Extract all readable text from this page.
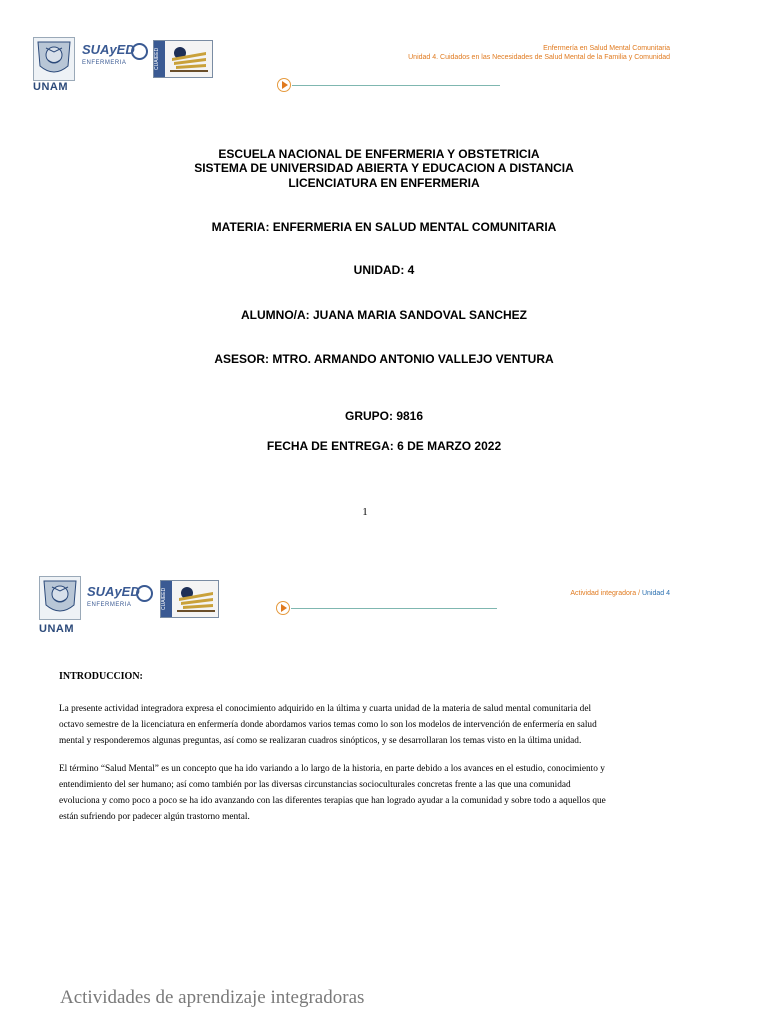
UNAM
SUAyED
ENFERMERIA	CUAIEED	Enfermería en Salud Mental Comunitaria
Unidad 4. Cuidados en las Necesidades de Salud Mental de la Familia y Comunidad
ESCUELA NACIONAL DE ENFERMERIA Y OBSTETRICIA
SISTEMA DE UNIVERSIDAD ABIERTA Y EDUCACION A DISTANCIA
LICENCIATURA EN ENFERMERIA
MATERIA: ENFERMERIA EN SALUD MENTAL COMUNITARIA
UNIDAD: 4
ALUMNO/A: JUANA MARIA SANDOVAL SANCHEZ
ASESOR: MTRO. ARMANDO ANTONIO VALLEJO VENTURA
GRUPO: 9816
FECHA DE ENTREGA: 6 DE MARZO 2022
1
UNAM
SUAyED
ENFERMERIA	CUAIEED	Actividad integradora / Unidad 4
INTRODUCCION:
La presente actividad integradora expresa el conocimiento adquirido en la última y cuarta unidad de la materia de salud mental comunitaria del
octavo semestre de la licenciatura en enfermería donde abordamos varios temas como lo son los modelos de intervención de enfermería en salud
mental y responderemos algunas preguntas, así como se realizaran cuadros sinópticos, y se desarrollaran los temas visto en la última unidad.
El término “Salud Mental” es un concepto que ha ido variando a lo largo de la historia, en parte debido a los avances en el estudio, conocimiento y
entendimiento del ser humano; así como también por las diversas circunstancias socioculturales concretas frente a las que una comunidad
evoluciona y como poco a poco se ha ido avanzando con las diferentes terapias que han logrado ayudar a la comunidad y sobre todo a aquellos que
están sufriendo por padecer algún trastorno mental.
Actividades de aprendizaje integradoras
